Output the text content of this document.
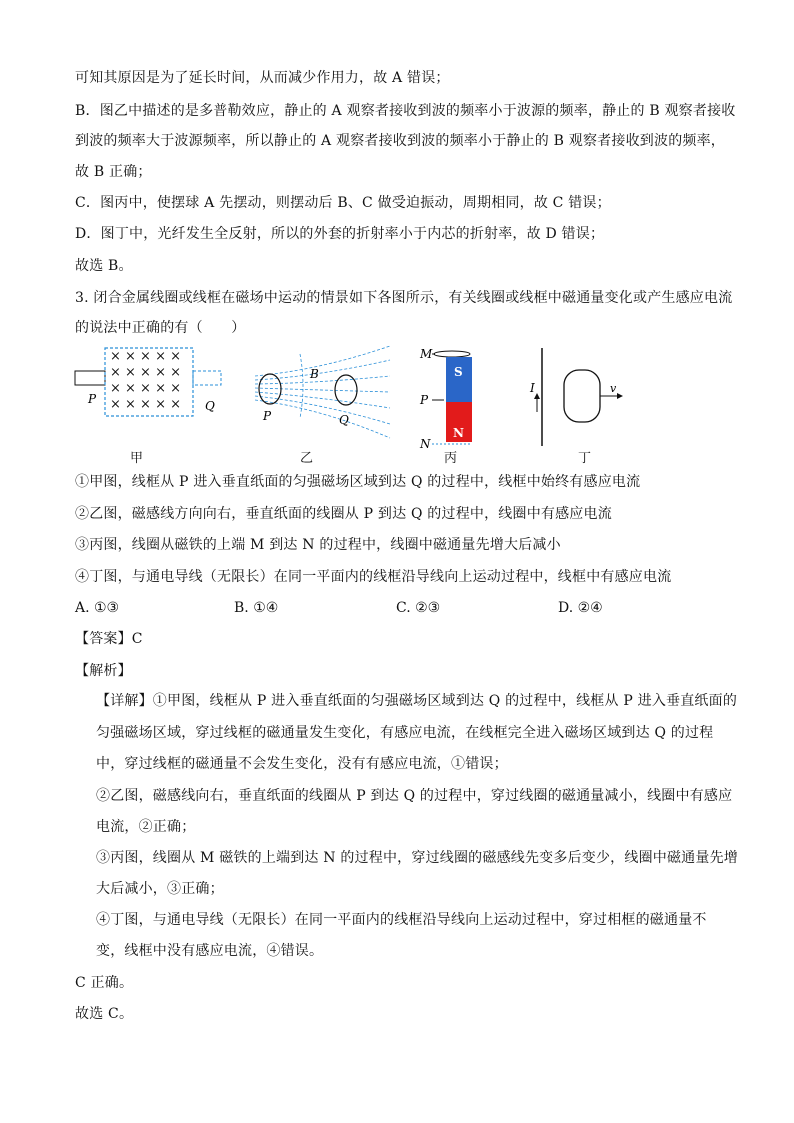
可知其原因是为了延长时间，从而减少作用力，故 A 错误；
B．图乙中描述的是多普勒效应，静止的 A 观察者接收到波的频率小于波源的频率，静止的 B 观察者接收
到波的频率大于波源频率，所以静止的 A 观察者接收到波的频率小于静止的 B 观察者接收到波的频率，
故 B 正确；
C．图丙中，使摆球 A 先摆动，则摆动后 B、C 做受迫振动，周期相同，故 C 错误；
D．图丁中，光纤发生全反射，所以的外套的折射率小于内芯的折射率，故 D 错误；
故选 B。
3. 闭合金属线圈或线框在磁场中运动的情景如下各图所示，有关线圈或线框中磁通量变化或产生感应电流
的说法中正确的有（　　）
× × × × ×
× × × × ×
× × × × ×
× × × × ×
P	Q
P	Q
B	S
N
M
P
N
I	v
甲	乙	丙	丁
①甲图，线框从 P 进入垂直纸面的匀强磁场区域到达 Q 的过程中，线框中始终有感应电流
②乙图，磁感线方向向右，垂直纸面的线圈从 P 到达 Q 的过程中，线圈中有感应电流
③丙图，线圈从磁铁的上端 M 到达 N 的过程中，线圈中磁通量先增大后减小
④丁图，与通电导线（无限长）在同一平面内的线框沿导线向上运动过程中，线框中有感应电流
A. ①③	B. ①④	C. ②③	D. ②④
【答案】C
【解析】
【详解】①甲图，线框从 P 进入垂直纸面的匀强磁场区域到达 Q 的过程中，线框从 P 进入垂直纸面的
匀强磁场区域，穿过线框的磁通量发生变化，有感应电流，在线框完全进入磁场区域到达 Q 的过程
中，穿过线框的磁通量不会发生变化，没有有感应电流，①错误；
②乙图，磁感线向右，垂直纸面的线圈从 P 到达 Q 的过程中，穿过线圈的磁通量减小，线圈中有感应
电流，②正确；
③丙图，线圈从 M 磁铁的上端到达 N 的过程中，穿过线圈的磁感线先变多后变少，线圈中磁通量先增
大后减小，③正确；
④丁图，与通电导线（无限长）在同一平面内的线框沿导线向上运动过程中，穿过相框的磁通量不
变，线框中没有感应电流，④错误。
C 正确。
故选 C。
